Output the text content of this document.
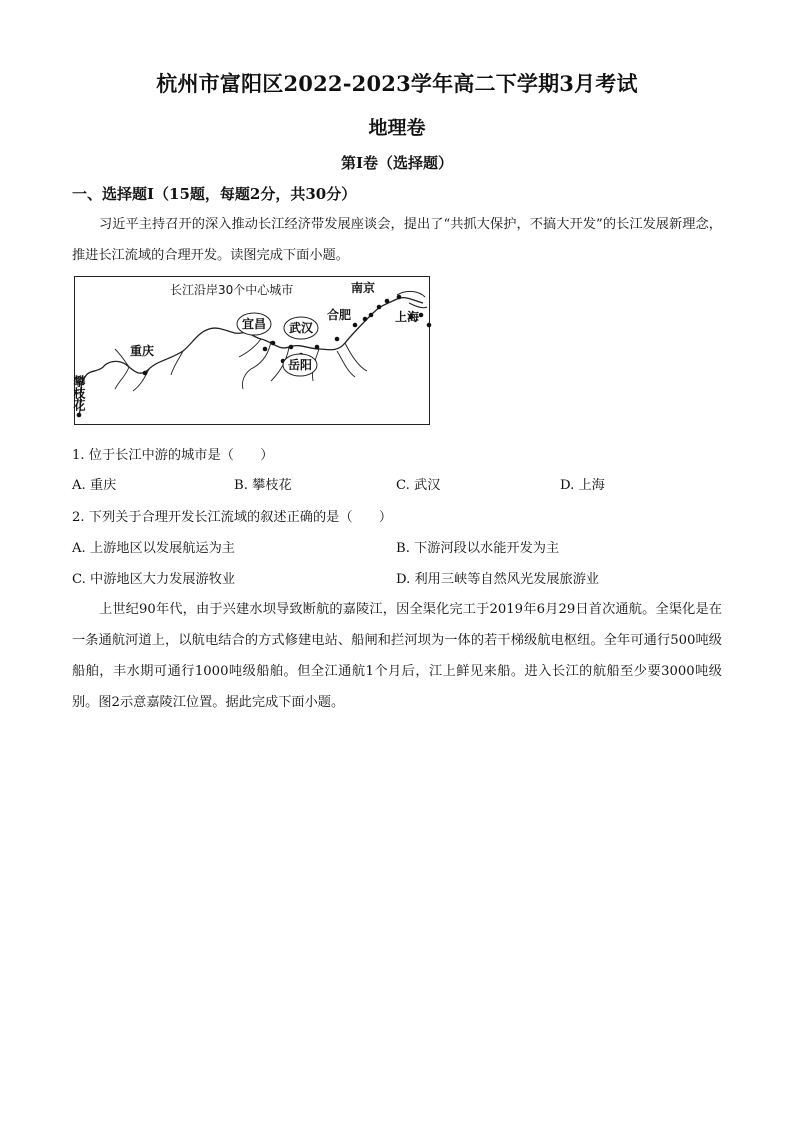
杭州市富阳区2022-2023学年高二下学期3月考试
地理卷
第Ⅰ卷（选择题）
一、选择题Ⅰ（15题，每题2分，共30分）
习近平主持召开的深入推动长江经济带发展座谈会，提出了“共抓大保护，不搞大开发”的长江发展新理念，推进长江流域的合理开发。读图完成下面小题。
长江沿岸30个中心城市
重庆
宜昌 武汉
岳阳
合肥
南京
上海
攀枝花
1. 位于长江中游的城市是（　　）
A. 重庆	B. 攀枝花	C. 武汉	D. 上海
2. 下列关于合理开发长江流域的叙述正确的是（　　）
A. 上游地区以发展航运为主	B. 下游河段以水能开发为主
C. 中游地区大力发展游牧业	D. 利用三峡等自然风光发展旅游业
上世纪90年代，由于兴建水坝导致断航的嘉陵江，因全渠化完工于2019年6月29日首次通航。全渠化是在一条通航河道上，以航电结合的方式修建电站、船闸和拦河坝为一体的若干梯级航电枢纽。全年可通行500吨级船舶，丰水期可通行1000吨级船舶。但全江通航1个月后，江上鲜见来船。进入长江的航船至少要3000吨级别。图2示意嘉陵江位置。据此完成下面小题。
